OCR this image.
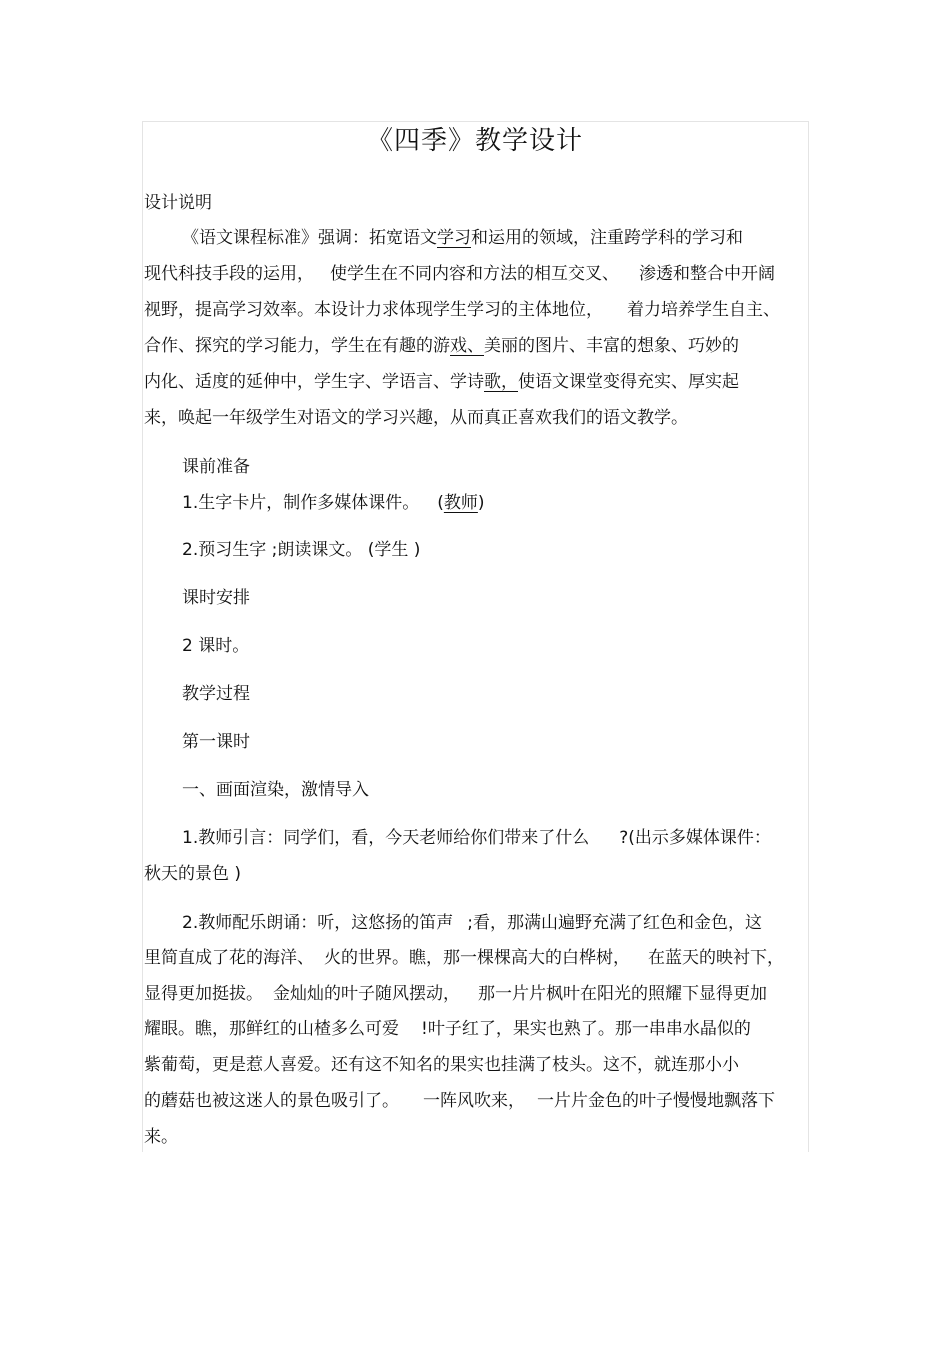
《四季》教学设计
设计说明
《语文课程标准》强调：拓宽语文学习和运用的领域，注重跨学科的学习和
现代科技手段的运用， 使学生在不同内容和方法的相互交叉、 渗透和整合中开阔
视野，提高学习效率。本设计力求体现学生学习的主体地位， 着力培养学生自主、
合作、探究的学习能力，学生在有趣的游戏、美丽的图片、丰富的想象、巧妙的
内化、适度的延伸中，学生字、学语言、学诗歌，使语文课堂变得充实、厚实起
来，唤起一年级学生对语文的学习兴趣，从而真正喜欢我们的语文教学。
课前准备
1.生字卡片，制作多媒体课件。 (教师)
2.预习生字 ;朗读课文。 (学生 )
课时安排
2 课时。
教学过程
第一课时
一、画面渲染，激情导入
1.教师引言：同学们，看，今天老师给你们带来了什么 ?(出示多媒体课件：
秋天的景色 )
2.教师配乐朗诵：听，这悠扬的笛声 ;看，那满山遍野充满了红色和金色，这
里简直成了花的海洋、 火的世界。瞧，那一棵棵高大的白桦树， 在蓝天的映衬下，
显得更加挺拔。 金灿灿的叶子随风摆动， 那一片片枫叶在阳光的照耀下显得更加
耀眼。瞧，那鲜红的山楂多么可爱 !叶子红了，果实也熟了。那一串串水晶似的
紫葡萄，更是惹人喜爱。还有这不知名的果实也挂满了枝头。这不，就连那小小
的蘑菇也被这迷人的景色吸引了。 一阵风吹来， 一片片金色的叶子慢慢地飘落下
来。
